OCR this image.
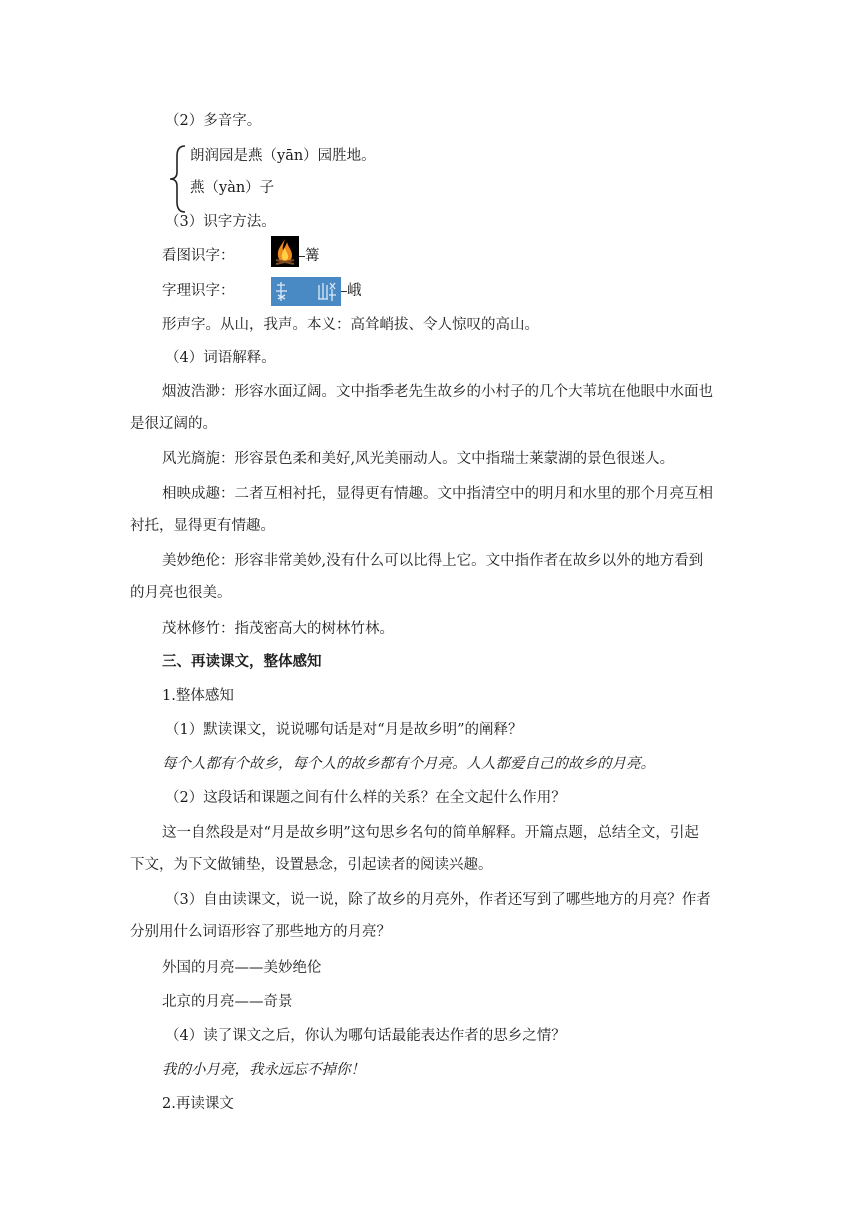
（2）多音字。
朗润园是燕（yān）园胜地。
燕（yàn）子
（3）识字方法。
看图识字：	篝
字理识字：	峨
形声字。从山，我声。本义：高耸峭拔、令人惊叹的高山。
（4）词语解释。
烟波浩渺：形容水面辽阔。文中指季老先生故乡的小村子的几个大苇坑在他眼中水面也
是很辽阔的。
风光旖旎：形容景色柔和美好,风光美丽动人。文中指瑞士莱蒙湖的景色很迷人。
相映成趣：二者互相衬托，显得更有情趣。文中指清空中的明月和水里的那个月亮互相
衬托，显得更有情趣。
美妙绝伦：形容非常美妙,没有什么可以比得上它。文中指作者在故乡以外的地方看到
的月亮也很美。
茂林修竹：指茂密高大的树林竹林。
三、再读课文，整体感知
1.整体感知
（1）默读课文，说说哪句话是对“月是故乡明”的阐释？
每个人都有个故乡，每个人的故乡都有个月亮。人人都爱自己的故乡的月亮。
（2）这段话和课题之间有什么样的关系？在全文起什么作用？
这一自然段是对“月是故乡明”这句思乡名句的简单解释。开篇点题，总结全文，引起
下文，为下文做铺垫，设置悬念，引起读者的阅读兴趣。
（3）自由读课文，说一说，除了故乡的月亮外，作者还写到了哪些地方的月亮？作者
分别用什么词语形容了那些地方的月亮？
外国的月亮——美妙绝伦
北京的月亮——奇景
（4）读了课文之后，你认为哪句话最能表达作者的思乡之情？
我的小月亮，我永远忘不掉你！
2.再读课文
